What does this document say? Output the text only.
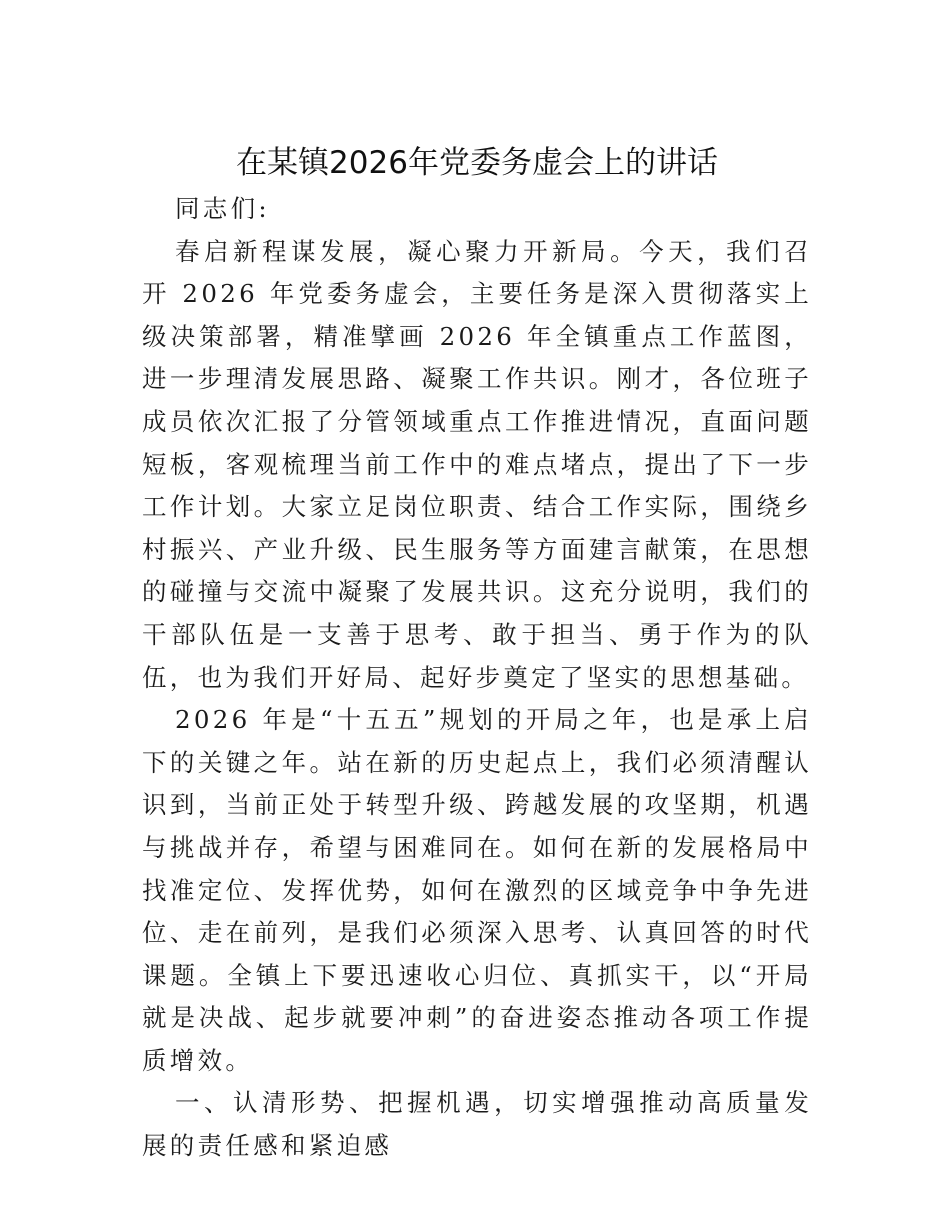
在某镇2026年党委务虚会上的讲话

同志们:

春启新程谋发展，凝心聚力开新局。今天，我们召开 2026 年党委务虚会，主要任务是深入贯彻落实上级决策部署，精准擘画 2026 年全镇重点工作蓝图，进一步理清发展思路、凝聚工作共识。刚才，各位班子成员依次汇报了分管领域重点工作推进情况，直面问题短板，客观梳理当前工作中的难点堵点，提出了下一步工作计划。大家立足岗位职责、结合工作实际，围绕乡村振兴、产业升级、民生服务等方面建言献策，在思想的碰撞与交流中凝聚了发展共识。这充分说明，我们的干部队伍是一支善于思考、敢于担当、勇于作为的队伍，也为我们开好局、起好步奠定了坚实的思想基础。

2026 年是“十五五”规划的开局之年，也是承上启下的关键之年。站在新的历史起点上，我们必须清醒认识到，当前正处于转型升级、跨越发展的攻坚期，机遇与挑战并存，希望与困难同在。如何在新的发展格局中找准定位、发挥优势，如何在激烈的区域竞争中争先进位、走在前列，是我们必须深入思考、认真回答的时代课题。全镇上下要迅速收心归位、真抓实干，以“开局就是决战、起步就要冲刺”的奋进姿态推动各项工作提质增效。

一、认清形势、把握机遇，切实增强推动高质量发展的责任感和紧迫感
